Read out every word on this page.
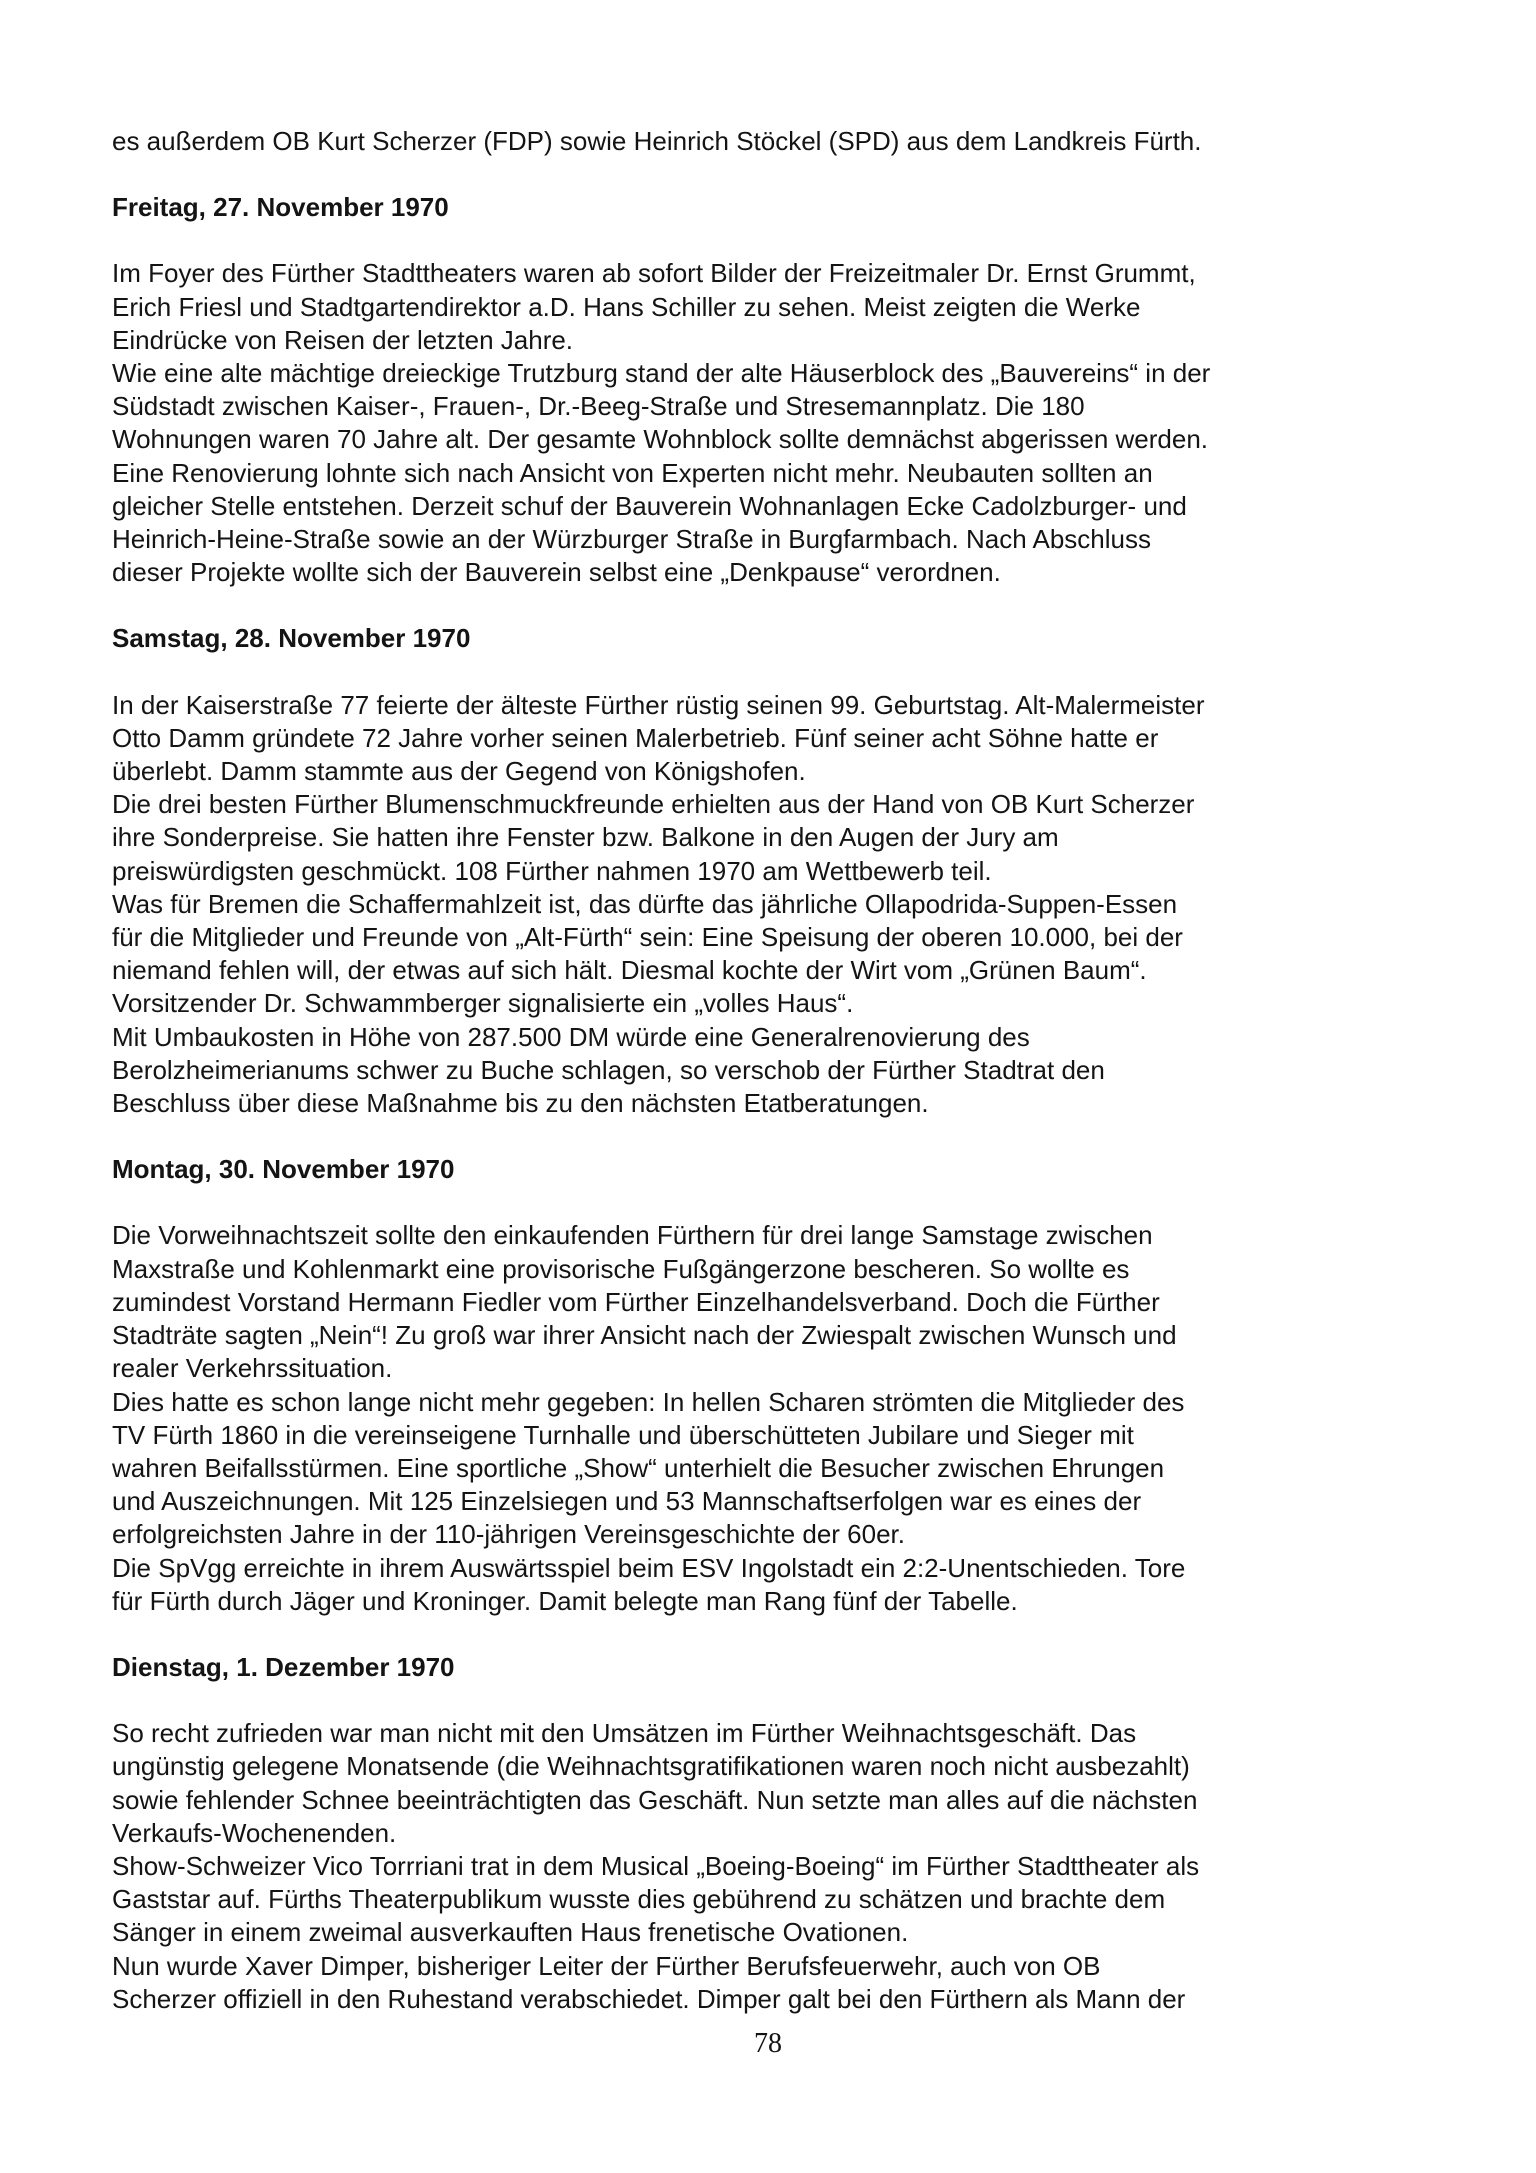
es außerdem OB Kurt Scherzer (FDP) sowie Heinrich Stöckel (SPD) aus dem Landkreis Fürth.
Freitag, 27. November 1970
Im Foyer des Fürther Stadttheaters waren ab sofort Bilder der Freizeitmaler Dr. Ernst Grummt,
Erich Friesl und Stadtgartendirektor a.D. Hans Schiller zu sehen. Meist zeigten die Werke
Eindrücke von Reisen der letzten Jahre.
Wie eine alte mächtige dreieckige Trutzburg stand der alte Häuserblock des „Bauvereins“ in der
Südstadt zwischen Kaiser-, Frauen-, Dr.-Beeg-Straße und Stresemannplatz. Die 180
Wohnungen waren 70 Jahre alt. Der gesamte Wohnblock sollte demnächst abgerissen werden.
Eine Renovierung lohnte sich nach Ansicht von Experten nicht mehr. Neubauten sollten an
gleicher Stelle entstehen. Derzeit schuf der Bauverein Wohnanlagen Ecke Cadolzburger- und
Heinrich-Heine-Straße sowie an der Würzburger Straße in Burgfarmbach. Nach Abschluss
dieser Projekte wollte sich der Bauverein selbst eine „Denkpause“ verordnen.
Samstag, 28. November 1970
In der Kaiserstraße 77 feierte der älteste Fürther rüstig seinen 99. Geburtstag. Alt-Malermeister
Otto Damm gründete 72 Jahre vorher seinen Malerbetrieb. Fünf seiner acht Söhne hatte er
überlebt. Damm stammte aus der Gegend von Königshofen.
Die drei besten Fürther Blumenschmuckfreunde erhielten aus der Hand von OB Kurt Scherzer
ihre Sonderpreise. Sie hatten ihre Fenster bzw. Balkone in den Augen der Jury am
preiswürdigsten geschmückt. 108 Fürther nahmen 1970 am Wettbewerb teil.
Was für Bremen die Schaffermahlzeit ist, das dürfte das jährliche Ollapodrida-Suppen-Essen
für die Mitglieder und Freunde von „Alt-Fürth“ sein: Eine Speisung der oberen 10.000, bei der
niemand fehlen will, der etwas auf sich hält. Diesmal kochte der Wirt vom „Grünen Baum“.
Vorsitzender Dr. Schwammberger signalisierte ein „volles Haus“.
Mit Umbaukosten in Höhe von 287.500 DM würde eine Generalrenovierung des
Berolzheimerianums schwer zu Buche schlagen, so verschob der Fürther Stadtrat den
Beschluss über diese Maßnahme bis zu den nächsten Etatberatungen.
Montag, 30. November 1970
Die Vorweihnachtszeit sollte den einkaufenden Fürthern für drei lange Samstage zwischen
Maxstraße und Kohlenmarkt eine provisorische Fußgängerzone bescheren. So wollte es
zumindest Vorstand Hermann Fiedler vom Fürther Einzelhandelsverband. Doch die Fürther
Stadträte sagten „Nein“! Zu groß war ihrer Ansicht nach der Zwiespalt zwischen Wunsch und
realer Verkehrssituation.
Dies hatte es schon lange nicht mehr gegeben: In hellen Scharen strömten die Mitglieder des
TV Fürth 1860 in die vereinseigene Turnhalle und überschütteten Jubilare und Sieger mit
wahren Beifallsstürmen. Eine sportliche „Show“ unterhielt die Besucher zwischen Ehrungen
und Auszeichnungen. Mit 125 Einzelsiegen und 53 Mannschaftserfolgen war es eines der
erfolgreichsten Jahre in der 110-jährigen Vereinsgeschichte der 60er.
Die SpVgg erreichte in ihrem Auswärtsspiel beim ESV Ingolstadt ein 2:2-Unentschieden. Tore
für Fürth durch Jäger und Kroninger. Damit belegte man Rang fünf der Tabelle.
Dienstag, 1. Dezember 1970
So recht zufrieden war man nicht mit den Umsätzen im Fürther Weihnachtsgeschäft. Das
ungünstig gelegene Monatsende (die Weihnachtsgratifikationen waren noch nicht ausbezahlt)
sowie fehlender Schnee beeinträchtigten das Geschäft. Nun setzte man alles auf die nächsten
Verkaufs-Wochenenden.
Show-Schweizer Vico Torrriani trat in dem Musical „Boeing-Boeing“ im Fürther Stadttheater als
Gaststar auf. Fürths Theaterpublikum wusste dies gebührend zu schätzen und brachte dem
Sänger in einem zweimal ausverkauften Haus frenetische Ovationen.
Nun wurde Xaver Dimper, bisheriger Leiter der Fürther Berufsfeuerwehr, auch von OB
Scherzer offiziell in den Ruhestand verabschiedet. Dimper galt bei den Fürthern als Mann der
78
